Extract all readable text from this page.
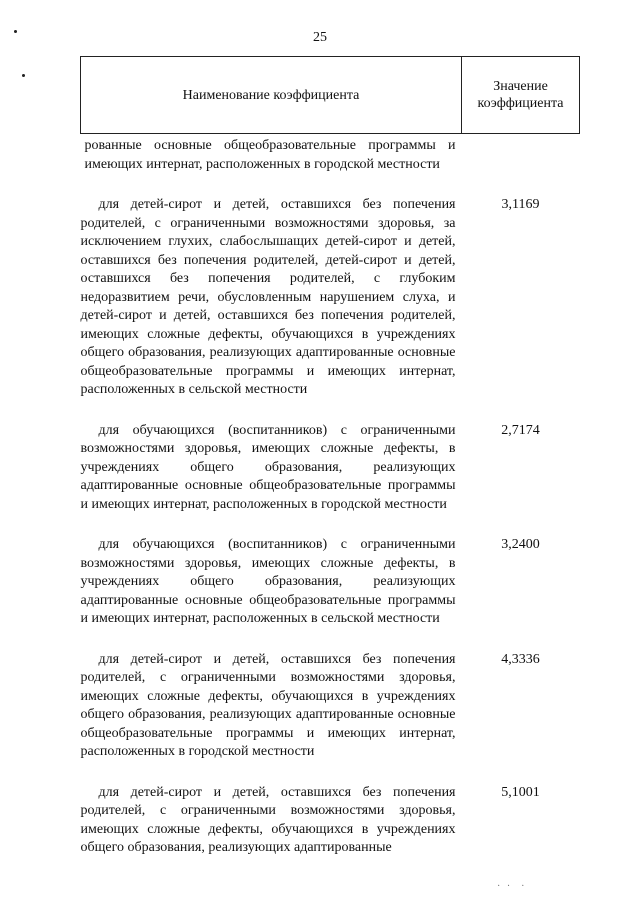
25
Наименование коэффициента	Значение коэффициента

рованные основные общеобразовательные программы и имеющих интернат, расположенных в городской местности	

для детей-сирот и детей, оставшихся без попечения родителей, с ограниченными возможностями здоровья, за исключением глухих, слабослышащих детей-сирот и детей, оставшихся без попечения родителей, детей-сирот и детей, оставшихся без попечения родителей, с глубоким недоразвитием речи, обусловленным нарушением слуха, и детей-сирот и детей, оставшихся без попечения родителей, имеющих сложные дефекты, обучающихся в учреждениях общего образования, реализующих адаптированные основные общеобразовательные программы и имеющих интернат, расположенных в сельской местности	3,1169
для обучающихся (воспитанников) с ограниченными возможностями здоровья, имеющих сложные дефекты, в учреждениях общего образования, реализующих адаптированные основные общеобразовательные программы и имеющих интернат, расположенных в городской местности	2,7174
для обучающихся (воспитанников) с ограниченными возможностями здоровья, имеющих сложные дефекты, в учреждениях общего образования, реализующих адаптированные основные общеобразовательные программы и имеющих интернат, расположенных в сельской местности	3,2400
для детей-сирот и детей, оставшихся без попечения родителей, с ограниченными возможностями здоровья, имеющих сложные дефекты, обучающихся в учреждениях общего образования, реализующих адаптированные основные общеобразовательные программы и имеющих интернат, расположенных в городской местности	4,3336
для детей-сирот и детей, оставшихся без попечения родителей, с ограниченными возможностями здоровья, имеющих сложные дефекты, обучающихся в учреждениях общего образования, реализующих адаптированные	5,1001
· ·  ·
